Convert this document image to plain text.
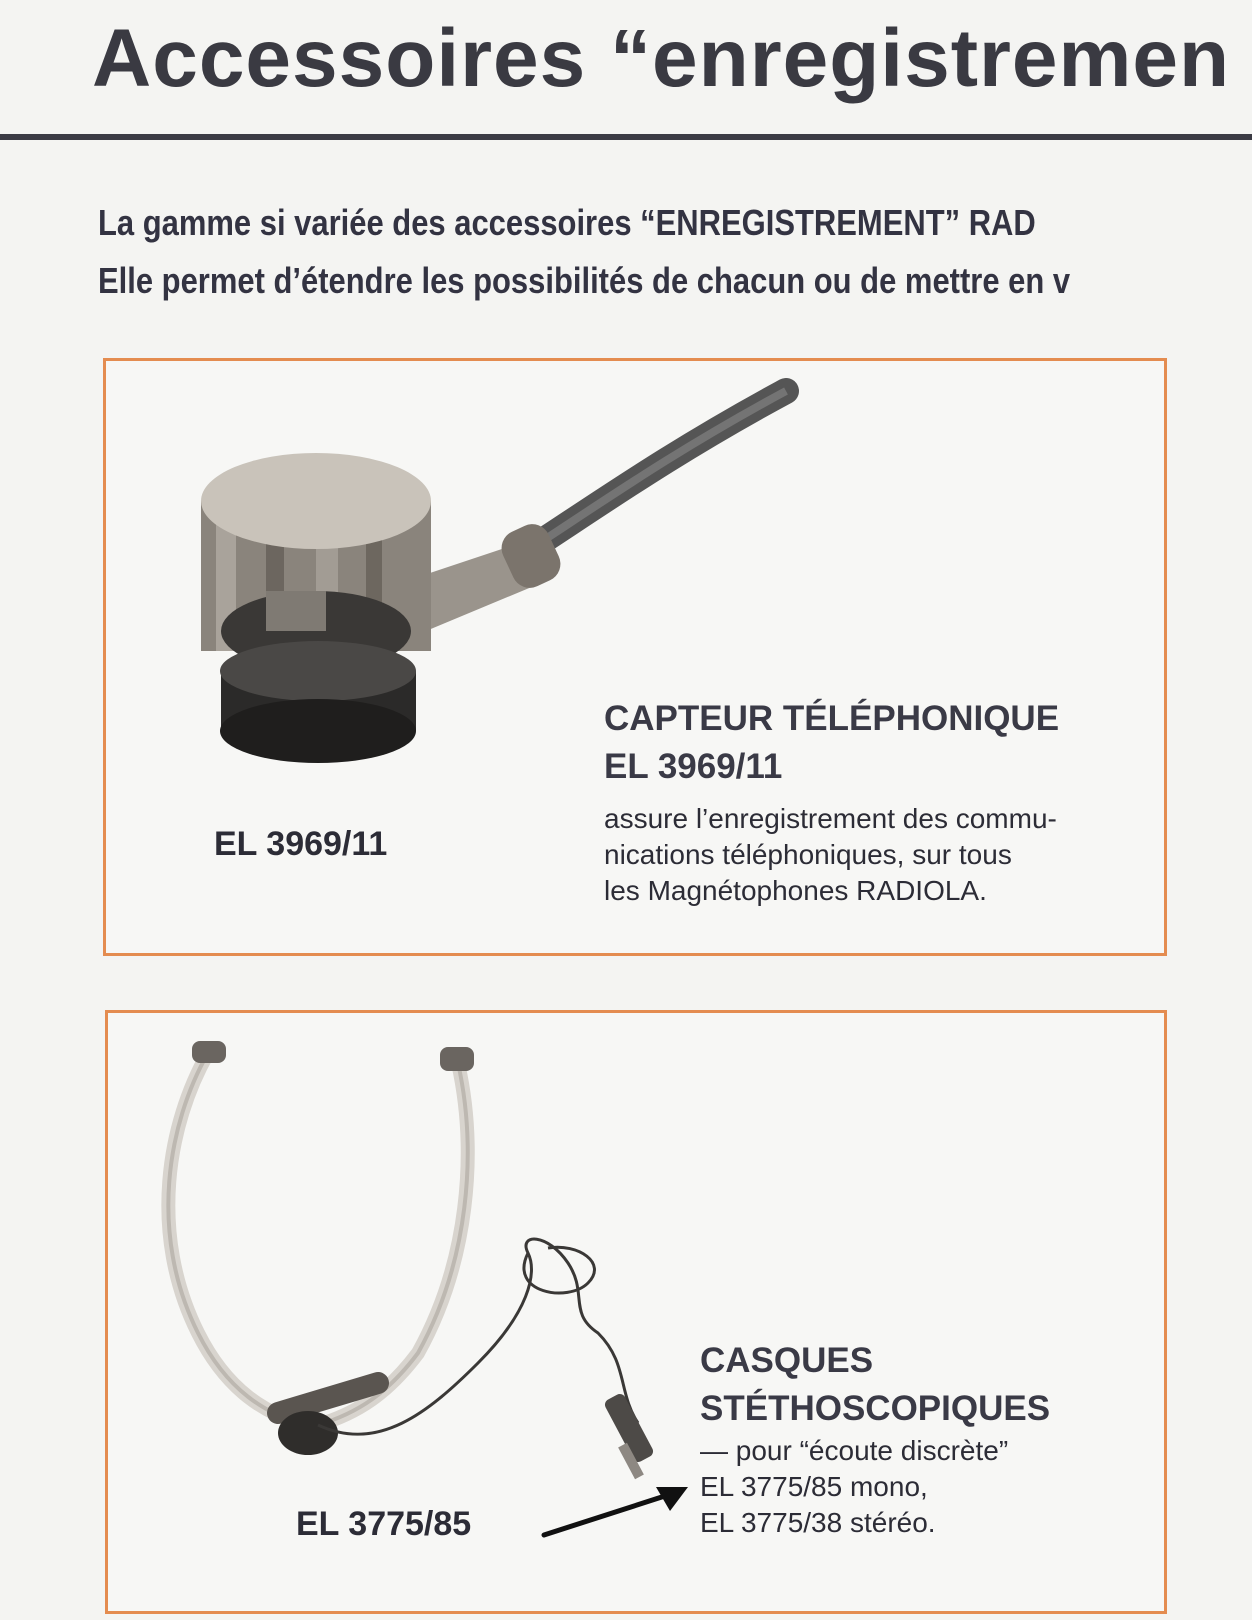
Accessoires “enregistremen
La gamme si variée des accessoires “ENREGISTREMENT” RAD
Elle permet d’étendre les possibilités de chacun ou de mettre en v
EL 3969/11
CAPTEUR TÉLÉPHONIQUE
EL 3969/11
assure l’enregistrement des commu-
nications téléphoniques, sur tous
les Magnétophones RADIOLA.
EL 3775/85
CASQUES
STÉTHOSCOPIQUES
— pour “écoute discrète”
EL 3775/85 mono,
EL 3775/38 stéréo.
